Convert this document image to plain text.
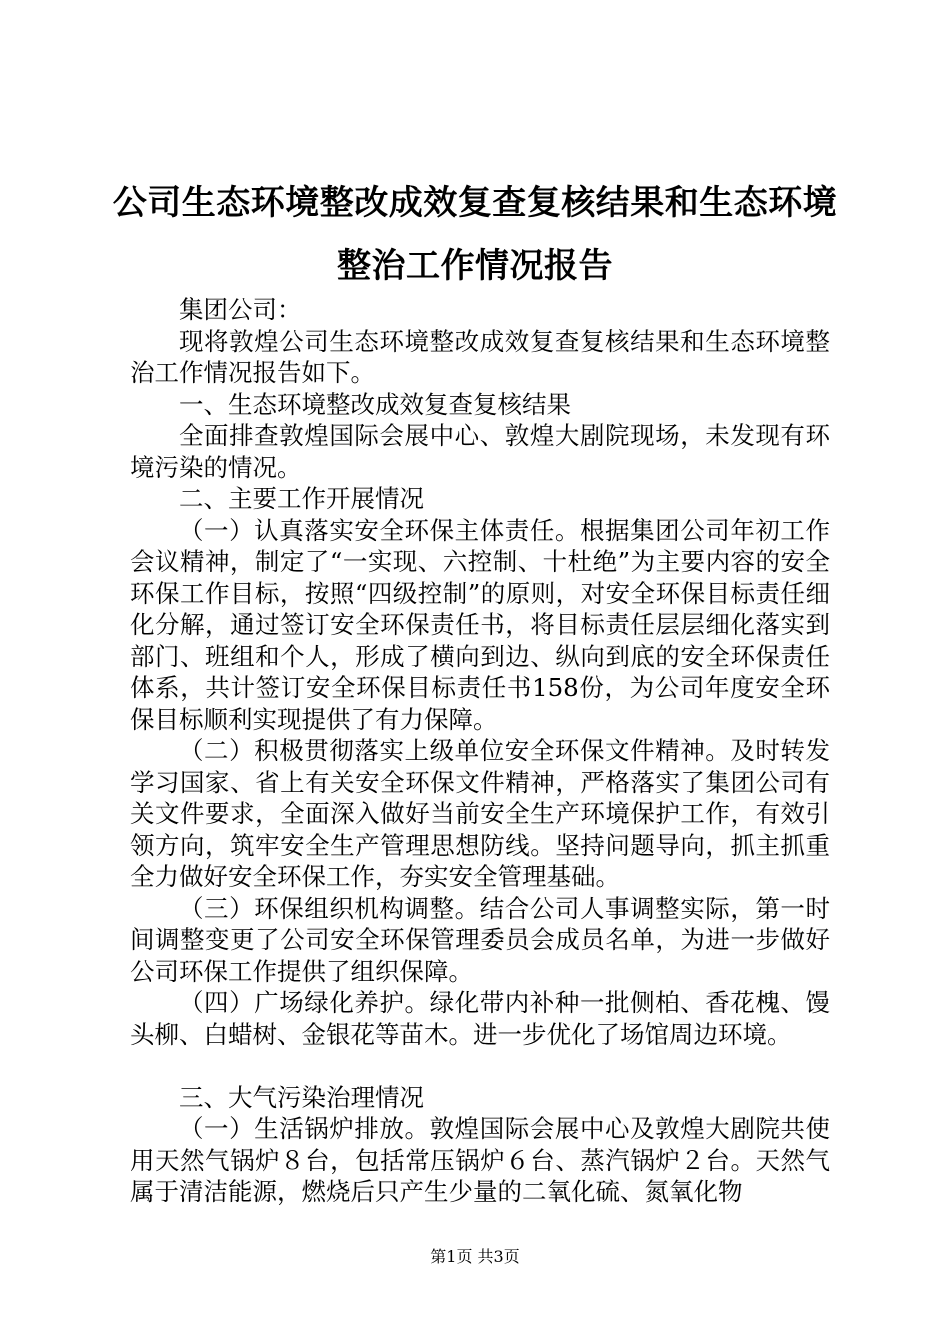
公司生态环境整改成效复查复核结果和生态环境整治工作情况报告

集团公司：

现将敦煌公司生态环境整改成效复查复核结果和生态环境整治工作情况报告如下。

一、生态环境整改成效复查复核结果

全面排查敦煌国际会展中心、敦煌大剧院现场，未发现有环境污染的情况。

二、主要工作开展情况

（一）认真落实安全环保主体责任。根据集团公司年初工作会议精神，制定了“一实现、六控制、十杜绝”为主要内容的安全环保工作目标，按照“四级控制”的原则，对安全环保目标责任细化分解，通过签订安全环保责任书，将目标责任层层细化落实到部门、班组和个人，形成了横向到边、纵向到底的安全环保责任体系，共计签订安全环保目标责任书158份，为公司年度安全环保目标顺利实现提供了有力保障。

（二）积极贯彻落实上级单位安全环保文件精神。及时转发学习国家、省上有关安全环保文件精神，严格落实了集团公司有关文件要求，全面深入做好当前安全生产环境保护工作，有效引领方向，筑牢安全生产管理思想防线。坚持问题导向，抓主抓重全力做好安全环保工作，夯实安全管理基础。

（三）环保组织机构调整。结合公司人事调整实际，第一时间调整变更了公司安全环保管理委员会成员名单，为进一步做好公司环保工作提供了组织保障。

（四）广场绿化养护。绿化带内补种一批侧柏、香花槐、馒头柳、白蜡树、金银花等苗木。进一步优化了场馆周边环境。

三、大气污染治理情况

（一）生活锅炉排放。敦煌国际会展中心及敦煌大剧院共使用天然气锅炉８台，包括常压锅炉６台、蒸汽锅炉２台。天然气属于清洁能源，燃烧后只产生少量的二氧化硫、氮氧化物

第1页 共3页
